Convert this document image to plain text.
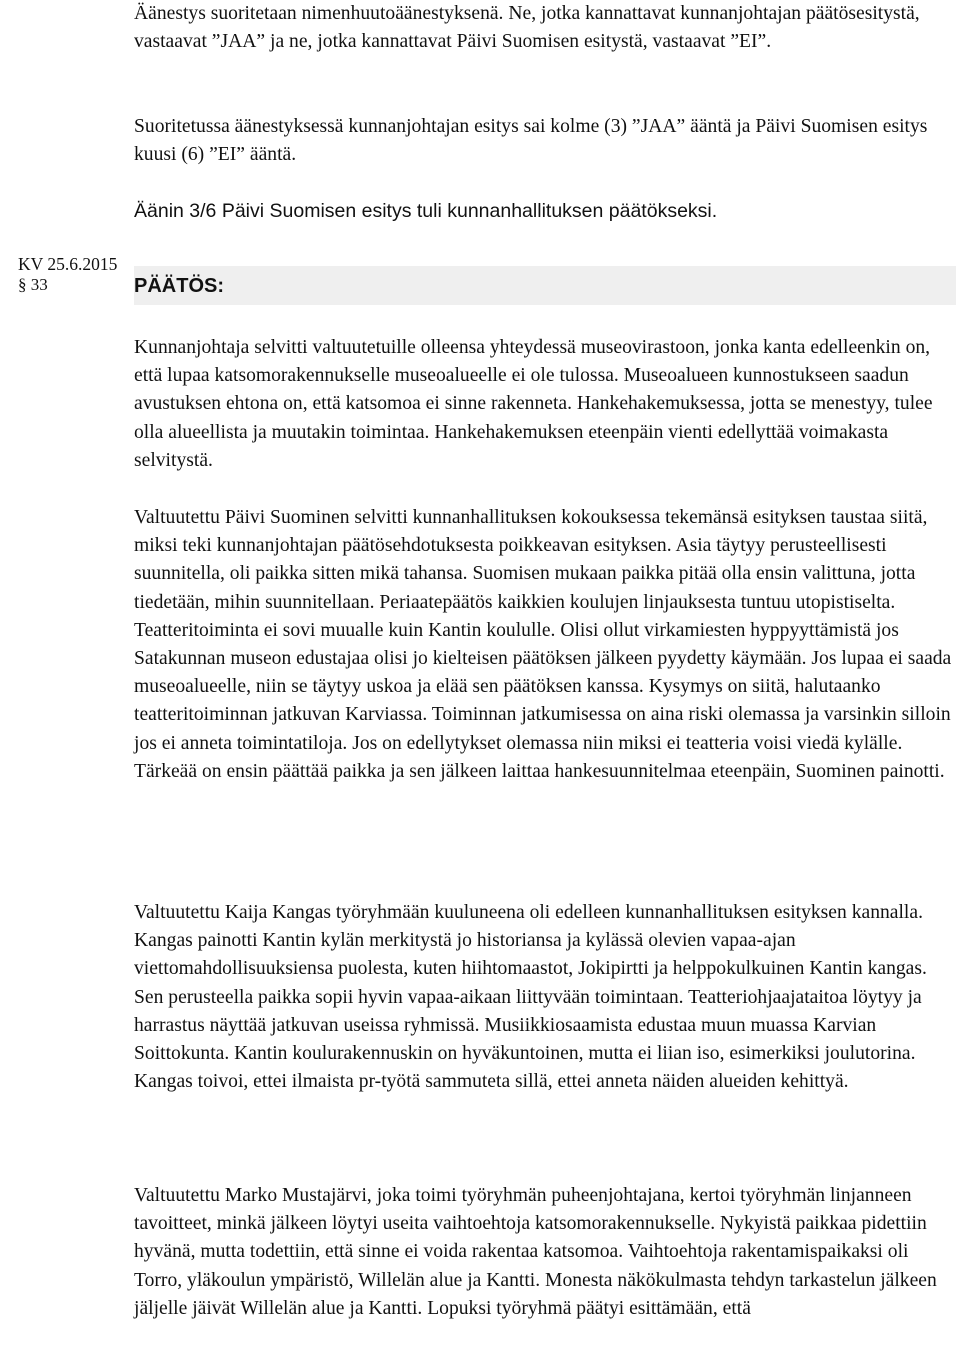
Äänestys suoritetaan nimenhuutoäänestyksenä. Ne, jotka kannattavat kunnanjohtajan päätösesitystä, vastaavat ”JAA” ja ne, jotka kannattavat Päivi Suomisen esitystä, vastaavat ”EI”.

Suoritetussa äänestyksessä kunnanjohtajan esitys sai kolme (3) ”JAA” ääntä ja Päivi Suomisen esitys kuusi (6) ”EI” ääntä.

Äänin 3/6 Päivi Suomisen esitys tuli kunnanhallituksen päätökseksi.

KV 25.6.2015

§ 33	PÄÄTÖS:

Kunnanjohtaja selvitti valtuutetuille olleensa yhteydessä museovirastoon, jonka kanta edelleenkin on, että lupaa katsomorakennukselle museoalueelle ei ole tulossa. Museoalueen kunnostukseen saadun avustuksen ehtona on, että katsomoa ei sinne rakenneta. Hankehakemuksessa, jotta se menestyy, tulee olla alueellista ja muutakin toimintaa. Hankehakemuksen eteenpäin vienti edellyttää voimakasta selvitystä.

Valtuutettu Päivi Suominen selvitti kunnanhallituksen kokouksessa tekemänsä esityksen taustaa siitä, miksi teki kunnanjohtajan päätösehdotuksesta poikkeavan esityksen. Asia täytyy perusteellisesti suunnitella, oli paikka sitten mikä tahansa. Suomisen mukaan paikka pitää olla ensin valittuna, jotta tiedetään, mihin suunnitellaan. Periaatepäätös kaikkien koulujen linjauksesta tuntuu utopistiselta. Teatteritoiminta ei sovi muualle kuin Kantin koululle. Olisi ollut virkamiesten hyppyyttämistä jos Satakunnan museon edustajaa olisi jo kielteisen päätöksen jälkeen pyydetty käymään. Jos lupaa ei saada museoalueelle, niin se täytyy uskoa ja elää sen päätöksen kanssa. Kysymys on siitä, halutaanko teatteritoiminnan jatkuvan Karviassa. Toiminnan jatkumisessa on aina riski olemassa ja varsinkin silloin jos ei anneta toimintatiloja. Jos on edellytykset olemassa niin miksi ei teatteria voisi viedä kylälle. Tärkeää on ensin päättää paikka ja sen jälkeen laittaa hankesuunnitelmaa eteenpäin, Suominen painotti.

Valtuutettu Kaija Kangas työryhmään kuuluneena oli edelleen kunnanhallituksen esityksen kannalla. Kangas painotti Kantin kylän merkitystä jo historiansa ja kylässä olevien vapaa-ajan viettomahdollisuuksiensa puolesta, kuten hiihtomaastot, Jokipirtti ja helppokulkuinen Kantin kangas. Sen perusteella paikka sopii hyvin vapaa-aikaan liittyvään toimintaan. Teatteriohjaajataitoa löytyy ja harrastus näyttää jatkuvan useissa ryhmissä. Musiikkiosaamista edustaa muun muassa Karvian Soittokunta. Kantin koulurakennuskin on hyväkuntoinen, mutta ei liian iso, esimerkiksi joulutorina. Kangas toivoi, ettei ilmaista pr-työtä sammuteta sillä, ettei anneta näiden alueiden kehittyä.

Valtuutettu Marko Mustajärvi, joka toimi työryhmän puheenjohtajana, kertoi työryhmän linjanneen tavoitteet, minkä jälkeen löytyi useita vaihtoehtoja katsomorakennukselle. Nykyistä paikkaa pidettiin hyvänä, mutta todettiin, että sinne ei voida rakentaa katsomoa. Vaihtoehtoja rakentamispaikaksi oli Torro, yläkoulun ympäristö, Willelän alue ja Kantti. Monesta näkökulmasta tehdyn tarkastelun jälkeen jäljelle jäivät Willelän alue ja Kantti. Lopuksi työryhmä päätyi esittämään, että
